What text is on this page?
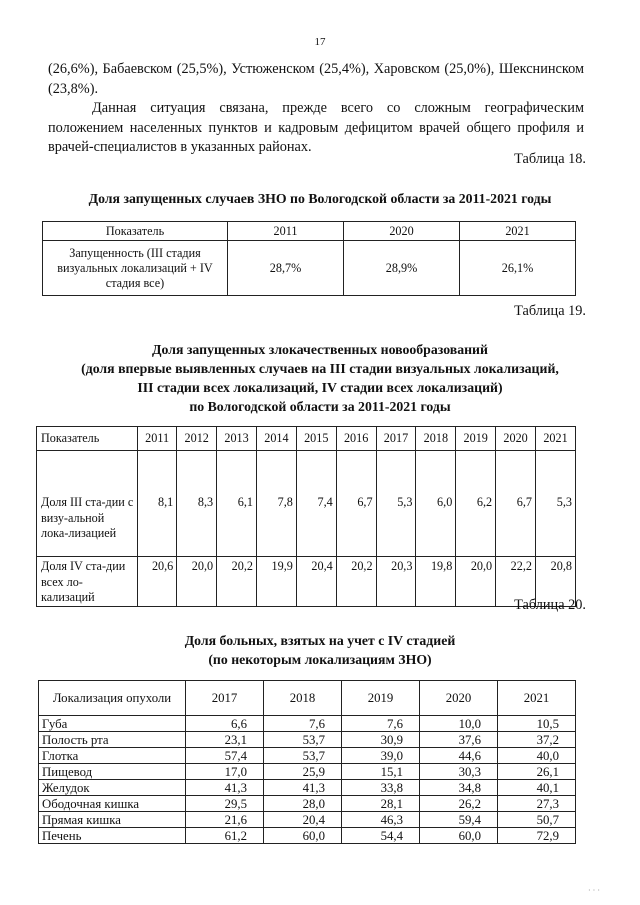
17

(26,6%), Бабаевском (25,5%), Устюженском (25,4%), Харовском (25,0%), Шекснинском (23,8%).

Данная ситуация связана, прежде всего со сложным географическим положением населенных пунктов и кадровым дефицитом врачей общего профиля и врачей-специалистов в указанных районах.

Таблица 18.
Доля запущенных случаев ЗНО по Вологодской области за 2011-2021 годы
Показатель	2011	2020	2021
Запущенность (III стадия визуальных локализаций + IV стадия все)	28,7%	28,9%	26,1%
Таблица 19.
Доля запущенных злокачественных новообразований
(доля впервые выявленных случаев на III стадии визуальных локализаций,
III стадии всех локализаций, IV стадии всех локализаций)
по Вологодской области за 2011-2021 годы
Показатель	2011	2012	2013	2014	2015	2016	2017	2018	2019	2020	2021
Доля III ста-дии с визу-альной лока-лизацией	8,1	8,3	6,1	7,8	7,4	6,7	5,3	6,0	6,2	6,7	5,3
Доля IV ста-дии всех ло-кализаций	20,6	20,0	20,2	19,9	20,4	20,2	20,3	19,8	20,0	22,2	20,8
Таблица 20.
Доля больных, взятых на учет с IV стадией
(по некоторым локализациям ЗНО)
Локализация опухоли	2017	2018	2019	2020	2021
Губа	6,6	7,6	7,6	10,0	10,5
Полость рта	23,1	53,7	30,9	37,6	37,2
Глотка	57,4	53,7	39,0	44,6	40,0
Пищевод	17,0	25,9	15,1	30,3	26,1
Желудок	41,3	41,3	33,8	34,8	40,1
Ободочная кишка	29,5	28,0	28,1	26,2	27,3
Прямая кишка	21,6	20,4	46,3	59,4	50,7
Печень	61,2	60,0	54,4	60,0	72,9
· · ·
